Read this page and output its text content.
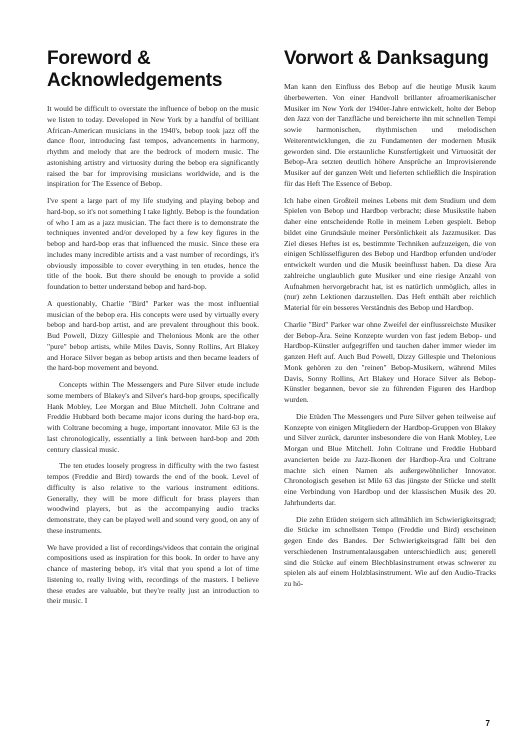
Foreword & Acknowledgements

It would be difficult to overstate the influence of bebop on the music we listen to today. Developed in New York by a handful of brilliant African-American musicians in the 1940's, bebop took jazz off the dance floor, introducing fast tempos, advancements in harmony, rhythm and melody that are the bedrock of modern music. The astonishing artistry and virtuosity during the bebop era significantly raised the bar for improvising musicians worldwide, and is the inspiration for The Essence of Bebop.

I've spent a large part of my life studying and playing bebop and hard-bop, so it's not something I take lightly. Bebop is the foundation of who I am as a jazz musician. The fact there is to demonstrate the techniques invented and/or developed by a few key figures in the bebop and hard-bop eras that influenced the music. Since these era includes many incredible artists and a vast number of recordings, it's obviously impossible to cover everything in ten etudes, hence the title of the book. But there should be enough to provide a solid foundation to better understand bebop and hard-bop.

A questionably, Charlie "Bird" Parker was the most influential musician of the bebop era. His concepts were used by virtually every bebop and hard-bop artist, and are prevalent throughout this book. Bud Powell, Dizzy Gillespie and Thelonious Monk are the other "pure" bebop artists, while Miles Davis, Sonny Rollins, Art Blakey and Horace Silver began as bebop artists and then became leaders of the hard-bop movement and beyond.

Concepts within The Messengers and Pure Silver etude include some members of Blakey's and Silver's hard-bop groups, specifically Hank Mobley, Lee Morgan and Blue Mitchell. John Coltrane and Freddie Hubbard both became major icons during the hard-bop era, with Coltrane becoming a huge, important innovator. Mile 63 is the last chronologically, essentially a link between hard-bop and 20th century classical music.

The ten etudes loosely progress in difficulty with the two fastest tempos (Freddie and Bird) towards the end of the book. Level of difficulty is also relative to the various instrument editions. Generally, they will be more difficult for brass players than woodwind players, but as the accompanying audio tracks demonstrate, they can be played well and sound very good, on any of these instruments.

We have provided a list of recordings/videos that contain the original compositions used as inspiration for this book. In order to have any chance of mastering bebop, it's vital that you spend a lot of time listening to, really living with, recordings of the masters. I believe these etudes are valuable, but they're really just an introduction to their music. I

Vorwort & Danksagung

Man kann den Einfluss des Bebop auf die heutige Musik kaum überbewerten. Von einer Handvoll brillanter afroamerikanischer Musiker im New York der 1940er-Jahre entwickelt, holte der Bebop den Jazz von der Tanzfläche und bereicherte ihn mit schnellen Tempi sowie harmonischen, rhythmischen und melodischen Weiterentwicklungen, die zu Fundamenten der modernen Musik geworden sind. Die erstaunliche Kunstfertigkeit und Virtuosität der Bebop-Ära setzten deutlich höhere Ansprüche an Improvisierende Musiker auf der ganzen Welt und lieferten schließlich die Inspiration für das Heft The Essence of Bebop.

Ich habe einen Großteil meines Lebens mit dem Studium und dem Spielen von Bebop und Hardbop verbracht; diese Musikstile haben daher eine entscheidende Rolle in meinem Leben gespielt. Bebop bildet eine Grundsäule meiner Persönlichkeit als Jazzmusiker. Das Ziel dieses Heftes ist es, bestimmte Techniken aufzuzeigen, die von einigen Schlüsselfiguren des Bebop und Hardbop erfunden und/oder entwickelt wurden und die Musik beeinflusst haben. Da diese Ära zahlreiche unglaublich gute Musiker und eine riesige Anzahl von Aufnahmen hervorgebracht hat, ist es natürlich unmöglich, alles in (nur) zehn Lektionen darzustellen. Das Heft enthält aber reichlich Material für ein besseres Verständnis des Bebop und Hardbop.

Charlie "Bird" Parker war ohne Zweifel der einflussreichste Musiker der Bebop-Ära. Seine Konzepte wurden von fast jedem Bebop- und Hardbop-Künstler aufgegriffen und tauchen daher immer wieder im ganzen Heft auf. Auch Bud Powell, Dizzy Gillespie und Thelonious Monk gehören zu den "reinen" Bebop-Musikern, während Miles Davis, Sonny Rollins, Art Blakey und Horace Silver als Bebop-Künstler begannen, bevor sie zu führenden Figuren des Hardbop wurden.

Die Etüden The Messengers und Pure Silver gehen teilweise auf Konzepte von einigen Mitgliedern der Hardbop-Gruppen von Blakey und Silver zurück, darunter insbesondere die von Hank Mobley, Lee Morgan und Blue Mitchell. John Coltrane und Freddie Hubbard avancierten beide zu Jazz-Ikonen der Hardbop-Ära und Coltrane machte sich einen Namen als außergewöhnlicher Innovator. Chronologisch gesehen ist Mile 63 das jüngste der Stücke und stellt eine Verbindung von Hardbop und der klassischen Musik des 20. Jahrhunderts dar.

Die zehn Etüden steigern sich allmählich im Schwierigkeitsgrad; die Stücke im schnellsten Tempo (Freddie und Bird) erscheinen gegen Ende des Bandes. Der Schwierigkeitsgrad fällt bei den verschiedenen Instrumentalausgaben unterschiedlich aus; generell sind die Stücke auf einem Blechblasinstrument etwas schwerer zu spielen als auf einem Holzblasinstrument. Wie auf den Audio-Tracks zu hö-

7
